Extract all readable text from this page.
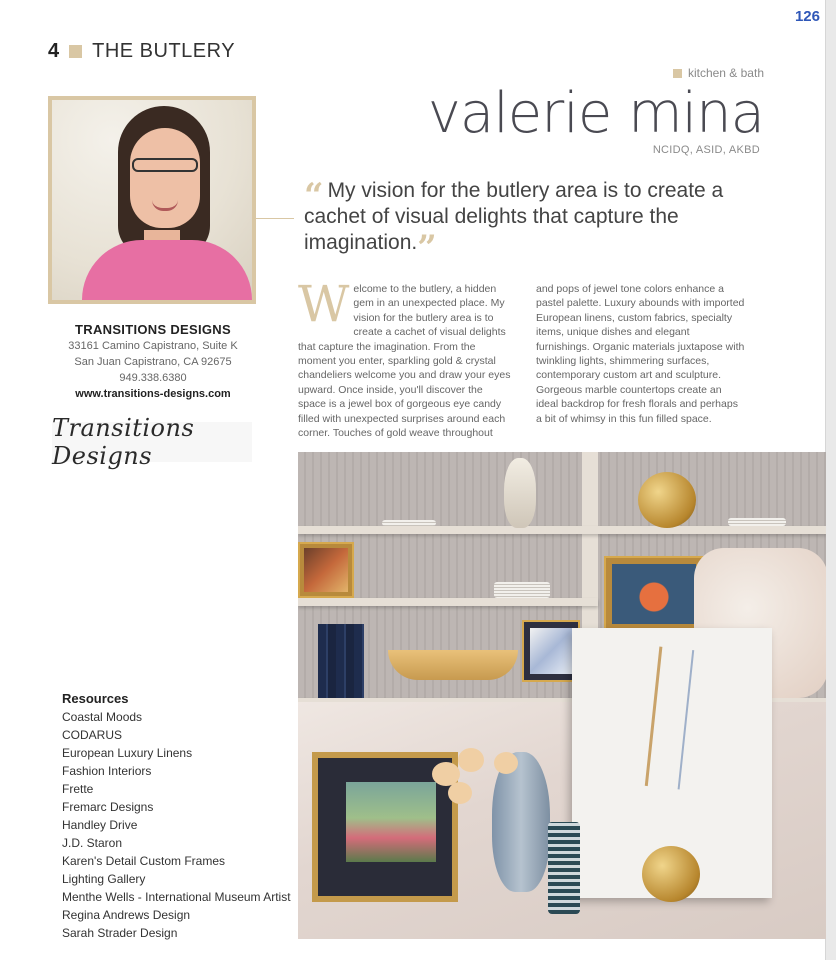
126
4 THE BUTLERY
kitchen & bath
valerie mina
NCIDQ, ASID, AKBD
TRANSITIONS DESIGNS
33161 Camino Capistrano, Suite K
San Juan Capistrano, CA 92675
949.338.6380
www.transitions-designs.com
Transitions Designs
“ My vision for the butlery area is to create a cachet of visual delights that capture the imagination.”
Welcome to the butlery, a hidden gem in an unexpected place. My vision for the butlery area is to create a cachet of visual delights that capture the imagination. From the moment you enter, sparkling gold & crystal chandeliers welcome you and draw your eyes upward. Once inside, you'll discover the space is a jewel box of gorgeous eye candy filled with unexpected surprises around each corner. Touches of gold weave throughout
and pops of jewel tone colors enhance a pastel palette. Luxury abounds with imported European linens, custom fabrics, specialty items, unique dishes and elegant furnishings. Organic materials juxtapose with twinkling lights, shimmering surfaces, contemporary custom art and sculpture. Gorgeous marble countertops create an ideal backdrop for fresh florals and perhaps a bit of whimsy in this fun filled space.
Resources
Coastal Moods
CODARUS
European Luxury Linens
Fashion Interiors
Frette
Fremarc Designs
Handley Drive
J.D. Staron
Karen's Detail Custom Frames
Lighting Gallery
Menthe Wells - International Museum Artist
Regina Andrews Design
Sarah Strader Design
